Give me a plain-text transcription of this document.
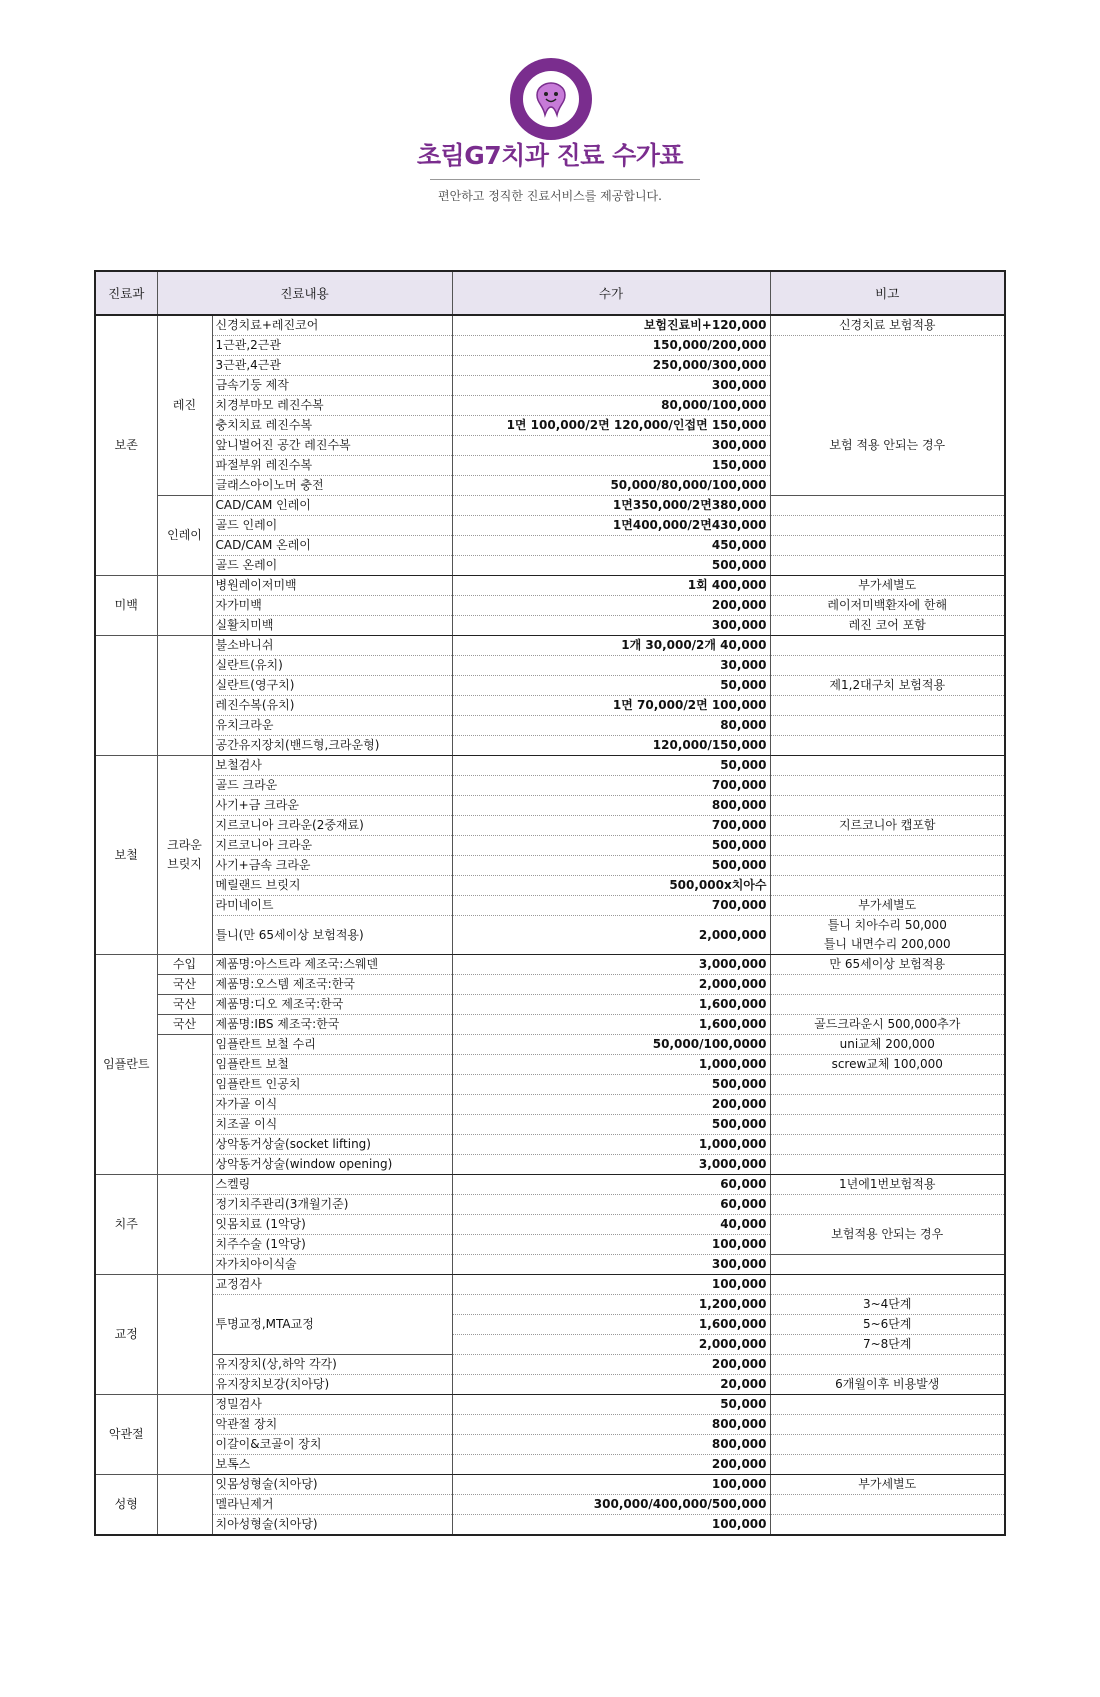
초림G7치과 진료 수가표
편안하고 정직한 진료서비스를 제공합니다.
진료과	진료내용		수가	비고
보존	레진	신경치료+레진코어	보험진료비+120,000	신경치료 보험적용
		1근관,2근관	150,000/200,000	
		3근관,4근관	250,000/300,000	
		금속기둥 제작	300,000	
		치경부마모 레진수복	80,000/100,000	보험 적용 안되는 경우
		충치치료 레진수복	1면 100,000/2면 120,000/인접면 150,000	
		앞니벌어진 공간 레진수복	300,000	
		파절부위 레진수복	150,000	
		글래스아이노머 충전	50,000/80,000/100,000	
	인레이	CAD/CAM 인레이	1면350,000/2면380,000	
		골드 인레이	1면400,000/2면430,000	
		CAD/CAM 온레이	450,000	
		골드 온레이	500,000	
미백		병원레이저미백	1회 400,000	부가세별도
		자가미백	200,000	레이저미백환자에 한해
		실활치미백	300,000	레진 코어 포함
		불소바니쉬	1개 30,000/2개 40,000	
		실란트(유치)	30,000	
		실란트(영구치)	50,000	제1,2대구치 보험적용
		레진수복(유치)	1면 70,000/2면 100,000	
		유치크라운	80,000	
		공간유지장치(밴드형,크라운형)	120,000/150,000	
보철	크라운 브릿지	보철검사	50,000	
		골드 크라운	700,000	
		사기+금 크라운	800,000	
		지르코니아 크라운(2중재료)	700,000	지르코니아 캡포함
		지르코니아 크라운	500,000	
		사기+금속 크라운	500,000	
		메릴랜드 브릿지	500,000x치아수	
		라미네이트	700,000	부가세별도
		틀니(만 65세이상 보험적용)	2,000,000	틀니 치아수리 50,000
틀니 내면수리 200,000

임플란트	수입	제품명:아스트라 제조국:스웨덴	3,000,000	만 65세이상 보험적용
	국산	제품명:오스템 제조국:한국	2,000,000	
	국산	제품명:디오 제조국:한국	1,600,000	
	국산	제품명:IBS 제조국:한국	1,600,000	골드크라운시 500,000추가
		임플란트 보철 수리	50,000/100,0000	uni교체 200,000
		임플란트 보철	1,000,000	screw교체 100,000
		임플란트 인공치	500,000	
		자가골 이식	200,000	
		치조골 이식	500,000	
		상악동거상술(socket lifting)	1,000,000	
		상악동거상술(window opening)	3,000,000	
치주		스켈링	60,000	1년에1번보험적용
		정기치주관리(3개월기준)	60,000	
		잇몸치료 (1악당)	40,000	보험적용 안되는 경우
		치주수술 (1악당)	100,000	
		자가치아이식술	300,000	
교정		교정검사	100,000	
		투명교정,MTA교정	1,200,000	3~4단계
			1,600,000	5~6단계
			2,000,000	7~8단계
		유지장치(상,하악 각각)	200,000	
		유지장치보강(치아당)	20,000	6개월이후 비용발생
악관절		정밀검사	50,000	
		악관절 장치	800,000	
		이갈이&코골이 장치	800,000	
		보톡스	200,000	
성형		잇몸성형술(치아당)	100,000	부가세별도
		멜라닌제거	300,000/400,000/500,000	
		치아성형술(치아당)	100,000	
